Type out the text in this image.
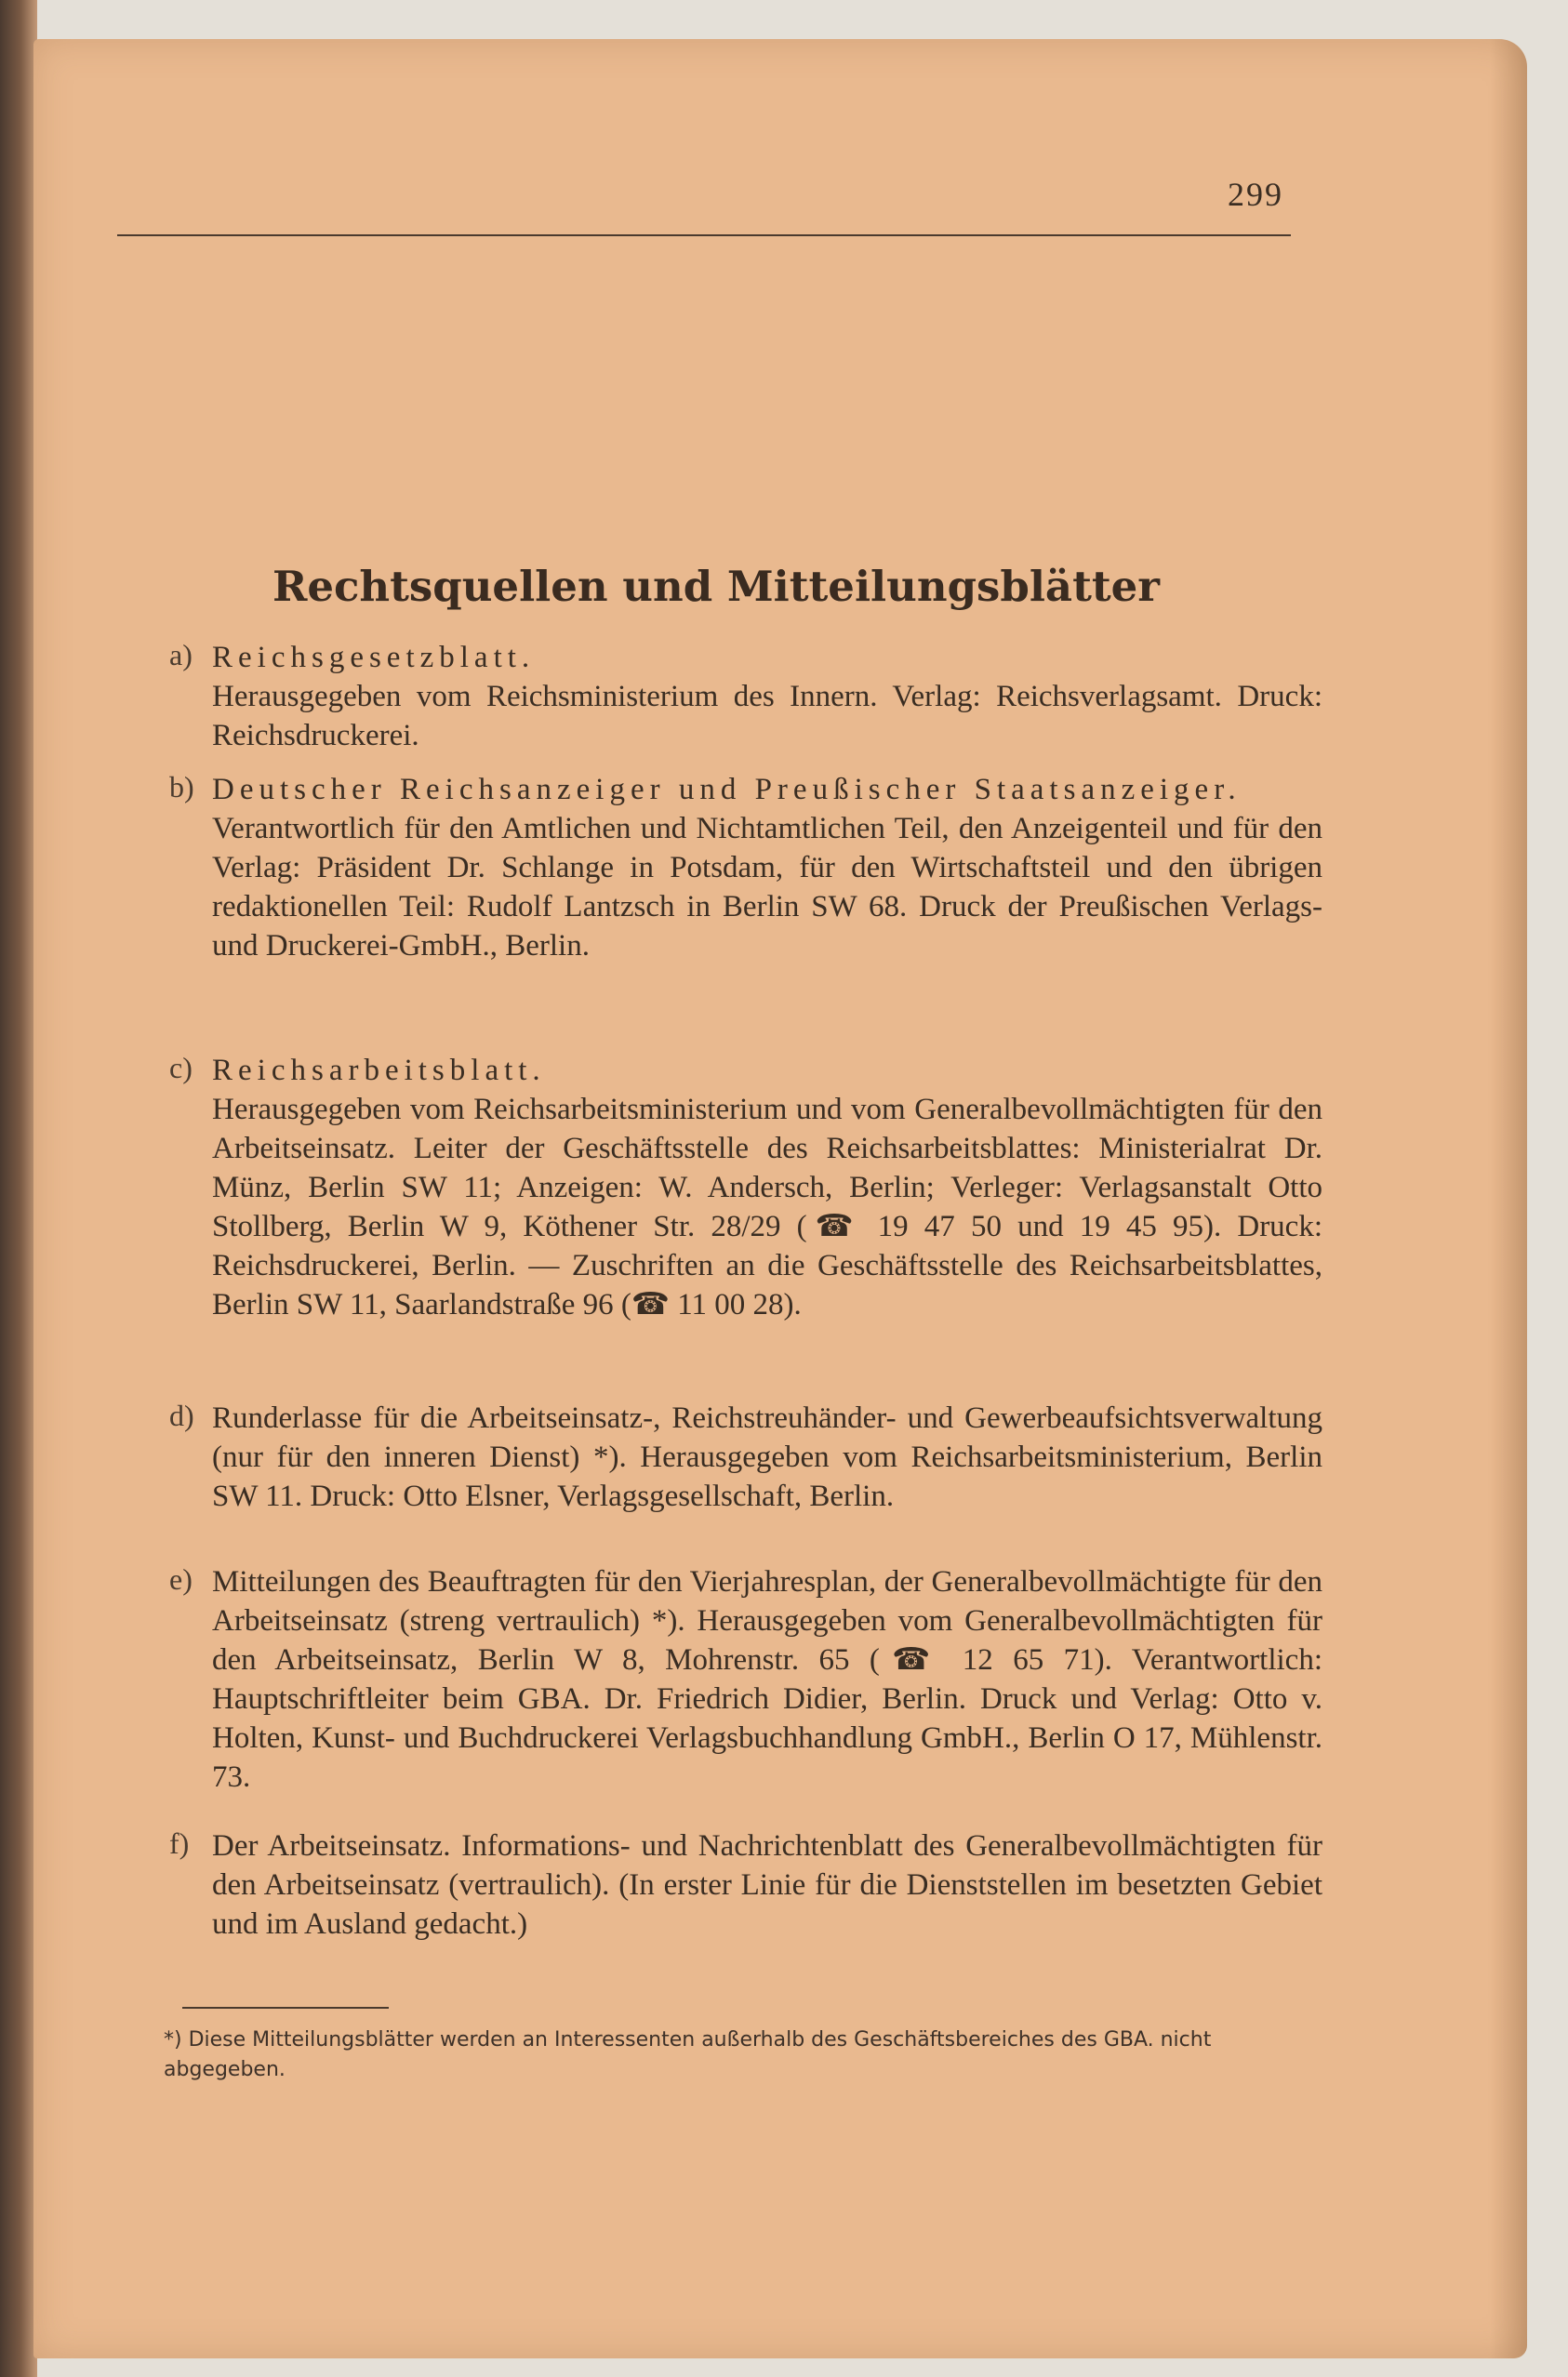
299
Rechtsquellen und Mitteilungsblätter
a) Reichsgesetzblatt.
Herausgegeben vom Reichsministerium des Innern. Verlag: Reichsverlagsamt. Druck: Reichsdruckerei.
b) Deutscher Reichsanzeiger und Preußischer Staatsanzeiger.
Verantwortlich für den Amtlichen und Nichtamtlichen Teil, den Anzeigenteil und für den Verlag: Präsident Dr. Schlange in Potsdam, für den Wirtschaftsteil und den übrigen redaktionellen Teil: Rudolf Lantzsch in Berlin SW 68. Druck der Preußischen Verlags- und Druckerei-GmbH., Berlin.
c) Reichsarbeitsblatt.
Herausgegeben vom Reichsarbeitsministerium und vom Generalbevollmächtigten für den Arbeitseinsatz. Leiter der Geschäftsstelle des Reichsarbeitsblattes: Ministerialrat Dr. Münz, Berlin SW 11; Anzeigen: W. Andersch, Berlin; Verleger: Verlagsanstalt Otto Stollberg, Berlin W 9, Köthener Str. 28/29 (☎ 19 47 50 und 19 45 95). Druck: Reichsdruckerei, Berlin. — Zuschriften an die Geschäftsstelle des Reichsarbeitsblattes, Berlin SW 11, Saarlandstraße 96 (☎ 11 00 28).
d) Runderlasse für die Arbeitseinsatz-, Reichstreuhänder- und Gewerbeaufsichtsverwaltung (nur für den inneren Dienst) *). Herausgegeben vom Reichsarbeitsministerium, Berlin SW 11. Druck: Otto Elsner, Verlagsgesellschaft, Berlin.
e) Mitteilungen des Beauftragten für den Vierjahresplan, der Generalbevollmächtigte für den Arbeitseinsatz (streng vertraulich) *). Herausgegeben vom Generalbevollmächtigten für den Arbeitseinsatz, Berlin W 8, Mohrenstr. 65 (☎ 12 65 71). Verantwortlich: Hauptschriftleiter beim GBA. Dr. Friedrich Didier, Berlin. Druck und Verlag: Otto v. Holten, Kunst- und Buchdruckerei Verlagsbuchhandlung GmbH., Berlin O 17, Mühlenstr. 73.
f) Der Arbeitseinsatz. Informations- und Nachrichtenblatt des Generalbevollmächtigten für den Arbeitseinsatz (vertraulich). (In erster Linie für die Dienststellen im besetzten Gebiet und im Ausland gedacht.)
*) Diese Mitteilungsblätter werden an Interessenten außerhalb des Geschäftsbereiches des GBA. nicht abgegeben.
